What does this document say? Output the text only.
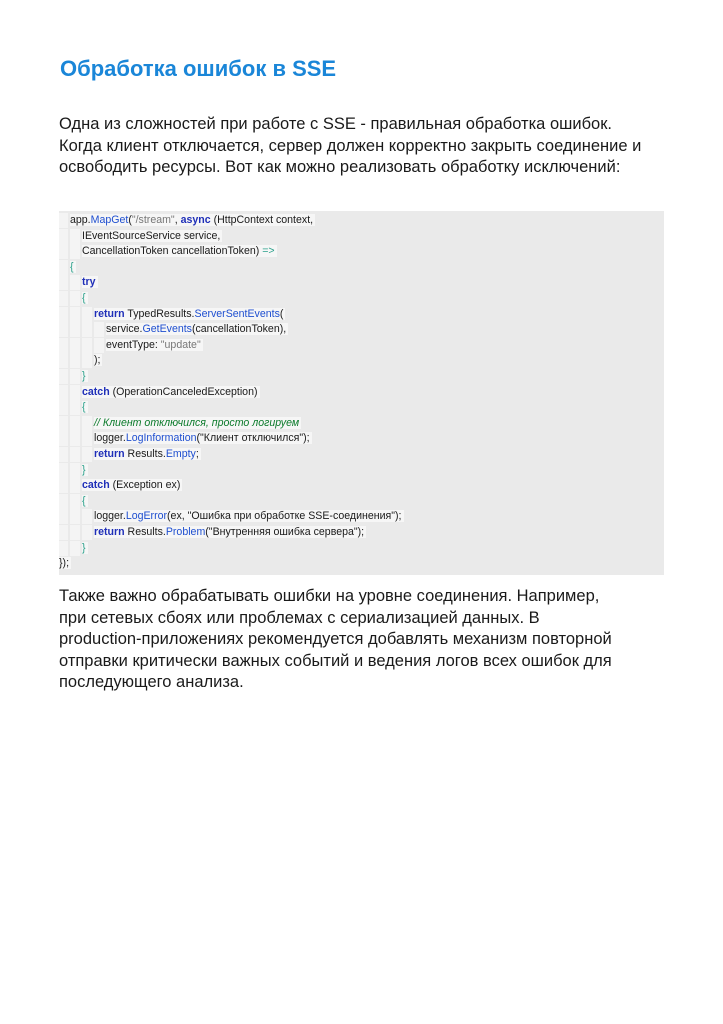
Обработка ошибок в SSE
Одна из сложностей при работе с SSE - правильная обработка ошибок.
Когда клиент отключается, сервер должен корректно закрыть соединение и
освободить ресурсы. Вот как можно реализовать обработку исключений:
app.MapGet("/stream", async (HttpContext context,
IEventSourceService service,
CancellationToken cancellationToken) =>
{
try
{
return TypedResults.ServerSentEvents(
service.GetEvents(cancellationToken),
eventType: "update"
);
}
catch (OperationCanceledException)
{
// Клиент отключился, просто логируем
logger.LogInformation("Клиент отключился");
return Results.Empty;
}
catch (Exception ex)
{
logger.LogError(ex, "Ошибка при обработке SSE-соединения");
return Results.Problem("Внутренняя ошибка сервера");
}
});
Также важно обрабатывать ошибки на уровне соединения. Например,
при сетевых сбоях или проблемах с сериализацией данных. В
production-приложениях рекомендуется добавлять механизм повторной
отправки критически важных событий и ведения логов всех ошибок для
последующего анализа.
